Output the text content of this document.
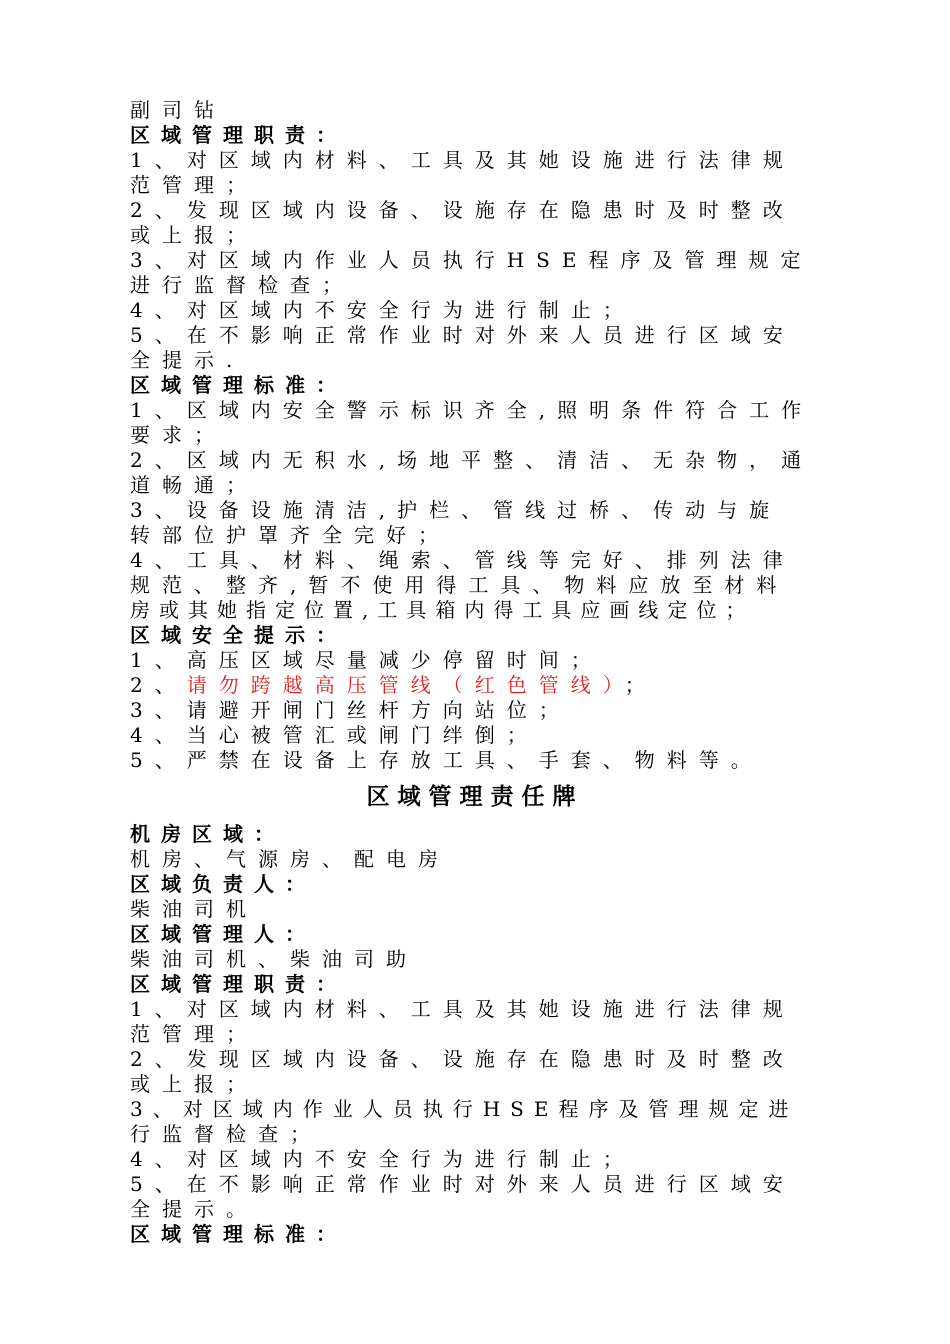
副司钻
区域管理职责：
1、对区域内材料、工具及其她设施进行法律规
范管理；
2、发现区域内设备、设施存在隐患时及时整改
或上报；
3、对区域内作业人员执行HSE程序及管理规定
进行监督检查；
4、对区域内不安全行为进行制止；
5、在不影响正常作业时对外来人员进行区域安
全提示.
区域管理标准：
1、区域内安全警示标识齐全,照明条件符合工作
要求；
2、区域内无积水,场地平整、清洁、无杂物，通
道畅通；
3、设备设施清洁,护栏、管线过桥、传动与旋
转部位护罩齐全完好；
4、工具、材料、绳索、管线等完好、排列法律
规范、整齐,暂不使用得工具、物料应放至材料
房或其她指定位置,工具箱内得工具应画线定位；
区域安全提示：
1、高压区域尽量减少停留时间；
2、请勿跨越高压管线（红色管线）；
3、请避开闸门丝杆方向站位；
4、当心被管汇或闸门绊倒；
5、严禁在设备上存放工具、手套、物料等。
区域管理责任牌
机房区域：
机房、气源房、配电房
区域负责人：
柴油司机
区域管理人：
柴油司机、柴油司助
区域管理职责：
1、对区域内材料、工具及其她设施进行法律规
范管理；
2、发现区域内设备、设施存在隐患时及时整改
或上报；
3、对区域内作业人员执行HSE程序及管理规定进
行监督检查；
4、对区域内不安全行为进行制止；
5、在不影响正常作业时对外来人员进行区域安
全提示。
区域管理标准：
